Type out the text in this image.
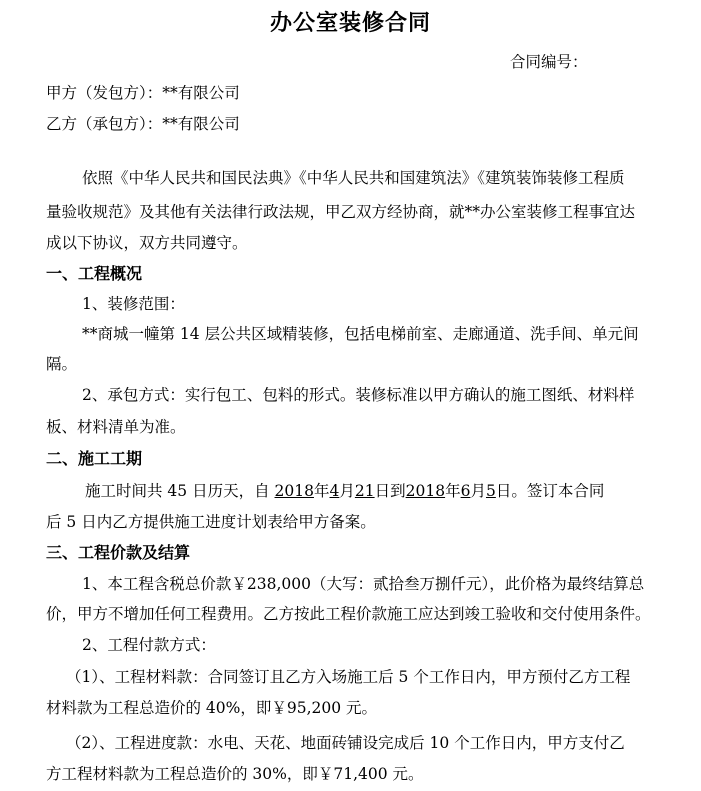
办公室装修合同
合同编号：
甲方（发包方）：**有限公司
乙方（承包方）：**有限公司
依照《中华人民共和国民法典》《中华人民共和国建筑法》《建筑装饰装修工程质
量验收规范》及其他有关法律行政法规，甲乙双方经协商，就**办公室装修工程事宜达
成以下协议，双方共同遵守。
一、工程概况
1、装修范围：
**商城一幢第 14 层公共区域精装修，包括电梯前室、走廊通道、洗手间、单元间
隔。
2、承包方式：实行包工、包料的形式。装修标准以甲方确认的施工图纸、材料样
板、材料清单为准。
二、施工工期
施工时间共 45 日历天，自 2018年4月21日到2018年6月5日。签订本合同
后 5 日内乙方提供施工进度计划表给甲方备案。
三、工程价款及结算
1、本工程含税总价款￥238,000（大写：贰拾叁万捌仟元），此价格为最终结算总
价，甲方不增加任何工程费用。乙方按此工程价款施工应达到竣工验收和交付使用条件。
2、工程付款方式：
（1）、工程材料款：合同签订且乙方入场施工后 5 个工作日内，甲方预付乙方工程
材料款为工程总造价的 40%，即￥95,200 元。
（2）、工程进度款：水电、天花、地面砖铺设完成后 10 个工作日内，甲方支付乙
方工程材料款为工程总造价的 30%，即￥71,400 元。
